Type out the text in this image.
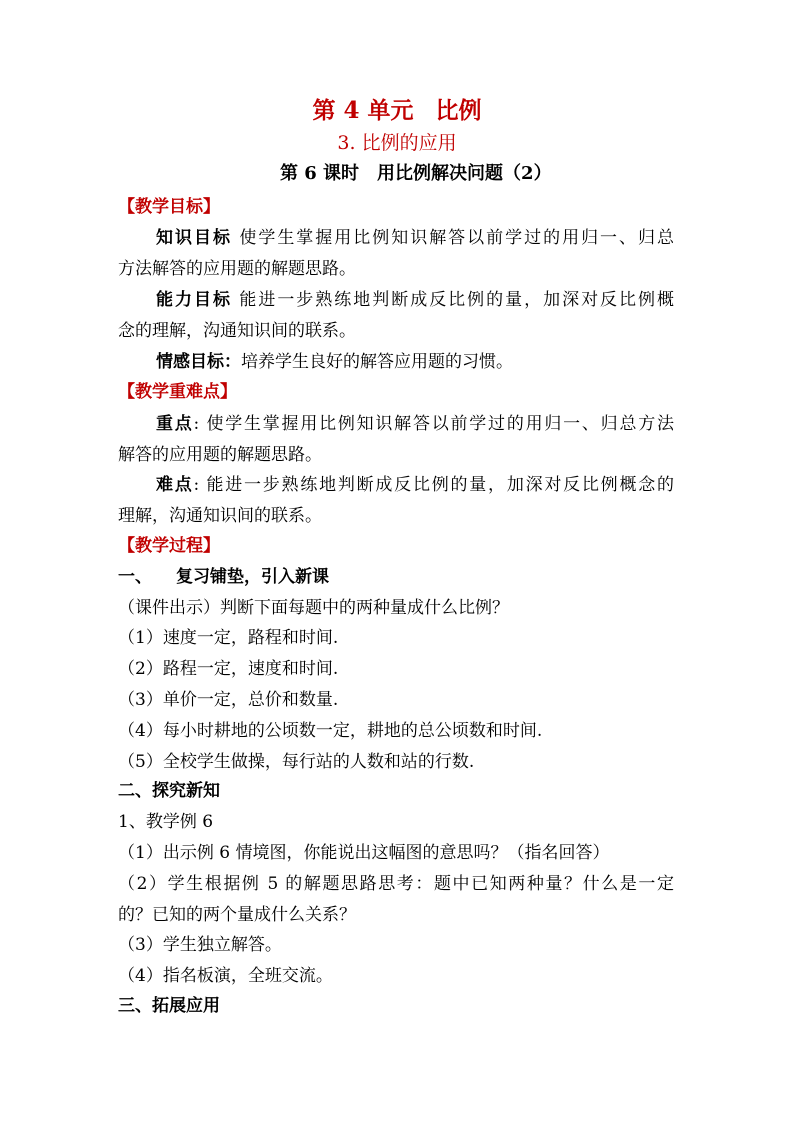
第 4 单元 比例
3. 比例的应用
第 6 课时　用比例解决问题（2）
【教学目标】
知识目标 使学生掌握用比例知识解答以前学过的用归一、归总
方法解答的应用题的解题思路。
能力目标 能进一步熟练地判断成反比例的量，加深对反比例概
念的理解，沟通知识间的联系。
情感目标：培养学生良好的解答应用题的习惯。
【教学重难点】
重点: 使学生掌握用比例知识解答以前学过的用归一、归总方法
解答的应用题的解题思路。
难点: 能进一步熟练地判断成反比例的量，加深对反比例概念的
理解，沟通知识间的联系。
【教学过程】
一、 复习铺垫，引入新课
（课件出示）判断下面每题中的两种量成什么比例？
（1）速度一定，路程和时间.
（2）路程一定，速度和时间.
（3）单价一定，总价和数量.
（4）每小时耕地的公顷数一定，耕地的总公顷数和时间.
（5）全校学生做操，每行站的人数和站的行数.
二、探究新知
1、教学例 6
（1）出示例 6 情境图，你能说出这幅图的意思吗？（指名回答）
（2）学生根据例 5 的解题思路思考：题中已知两种量？什么是一定
的？已知的两个量成什么关系？
（3）学生独立解答。
（4）指名板演，全班交流。
三、拓展应用
